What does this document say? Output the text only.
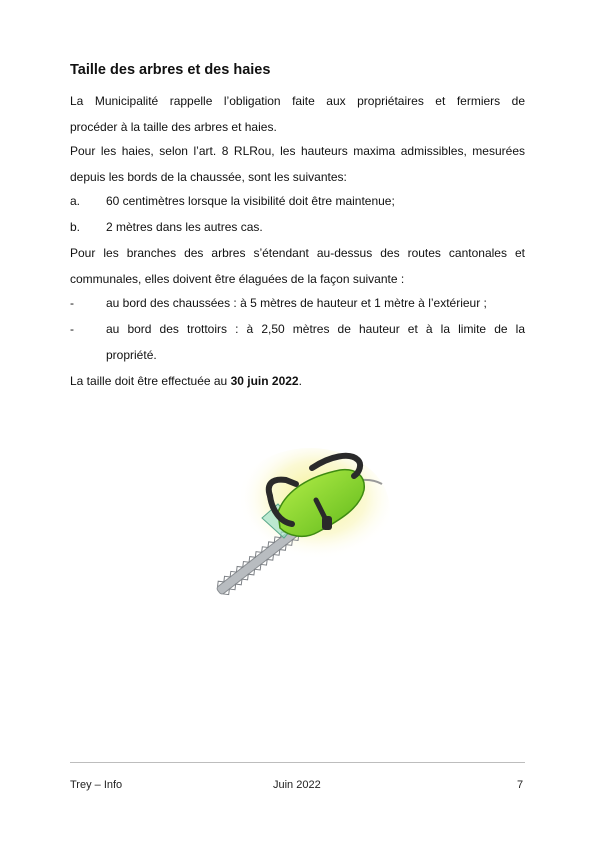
Taille des arbres et des haies
La Municipalité rappelle l’obligation faite aux propriétaires et fermiers de
procéder à la taille des arbres et haies.
Pour les haies, selon l’art. 8 RLRou, les hauteurs maxima admissibles, mesurées
depuis les bords de la chaussée, sont les suivantes:
a. 60 centimètres lorsque la visibilité doit être maintenue;
b. 2 mètres dans les autres cas.
Pour les branches des arbres s’étendant au-dessus des routes cantonales et
communales, elles doivent être élaguées de la façon suivante :
-	au bord des chaussées : à 5 mètres de hauteur et 1 mètre à l’extérieur ;
-	au bord des trottoirs : à 2,50 mètres de hauteur et à la limite de la
propriété.
La taille doit être effectuée au 30 juin 2022.
Trey – Info	Juin 2022	7
